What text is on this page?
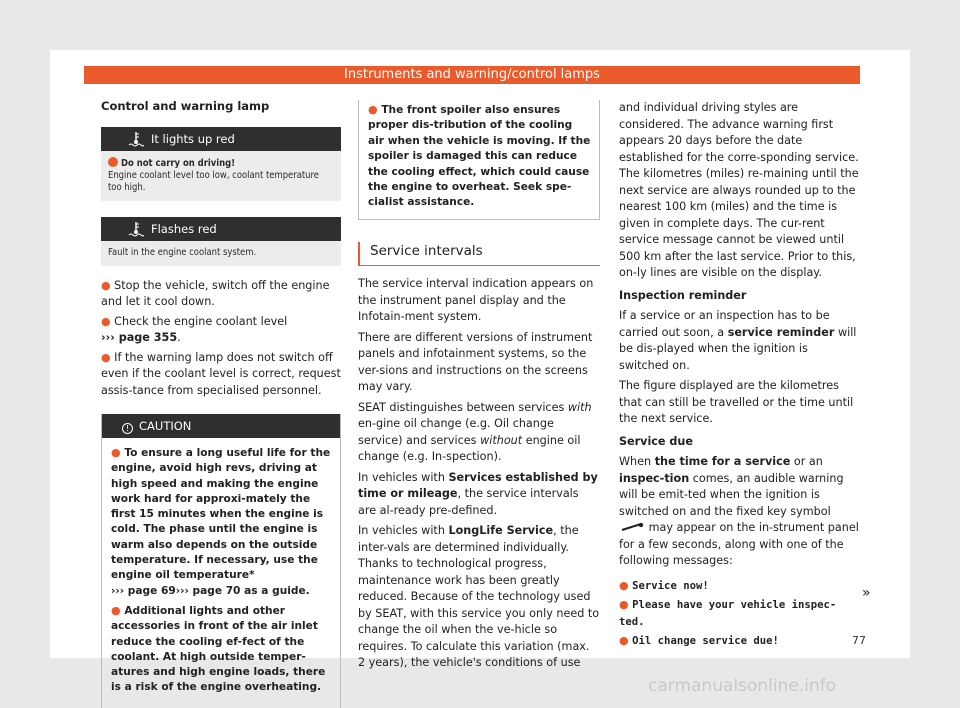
Instruments and warning/control lamps
Control and warning lamp
It lights up red
Do not carry on driving!
Engine coolant level too low, coolant temperature too high.
Flashes red
Fault in the engine coolant system.
● Stop the vehicle, switch off the engine and let it cool down.
● Check the engine coolant level
››› page 355.
● If the warning lamp does not switch off even if the coolant level is correct, request assis-tance from specialised personnel.
! CAUTION

● To ensure a long useful life for the engine, avoid high revs, driving at high speed and making the engine work hard for approxi-mately the first 15 minutes when the engine is cold. The phase until the engine is warm also depends on the outside temperature. If necessary, use the engine oil temperature*
››› page 69››› page 70 as a guide.

● Additional lights and other accessories in front of the air inlet reduce the cooling ef-fect of the coolant. At high outside temper-atures and high engine loads, there is a risk of the engine overheating.

● The front spoiler also ensures proper dis-tribution of the cooling air when the vehicle is moving. If the spoiler is damaged this can reduce the cooling effect, which could cause the engine to overheat. Seek spe-cialist assistance.
Service intervals

The service interval indication appears on the instrument panel display and the Infotain-ment system.

There are different versions of instrument panels and infotainment systems, so the ver-sions and instructions on the screens may vary.

SEAT distinguishes between services with en-gine oil change (e.g. Oil change service) and services without engine oil change (e.g. In-spection).

In vehicles with Services established by time or mileage, the service intervals are al-ready pre-defined.

In vehicles with LongLife Service, the inter-vals are determined individually. Thanks to technological progress, maintenance work has been greatly reduced. Because of the technology used by SEAT, with this service you only need to change the oil when the ve-hicle so requires. To calculate this variation (max. 2 years), the vehicle's conditions of use

and individual driving styles are considered. The advance warning first appears 20 days before the date established for the corre-sponding service. The kilometres (miles) re-maining until the next service are always rounded up to the nearest 100 km (miles) and the time is given in complete days. The cur-rent service message cannot be viewed until 500 km after the last service. Prior to this, on-ly lines are visible on the display.

Inspection reminder

If a service or an inspection has to be carried out soon, a service reminder will be dis-played when the ignition is switched on.

The figure displayed are the kilometres that can still be travelled or the time until the next service.

Service due

When the time for a service or an inspec-tion comes, an audible warning will be emit-ted when the ignition is switched on and the fixed key symbol  may appear on the in-strument panel for a few seconds, along with one of the following messages:

● Service now!
● Please have your vehicle inspec-ted.
● Oil change service due!
»
77
carmanualsonline.info
